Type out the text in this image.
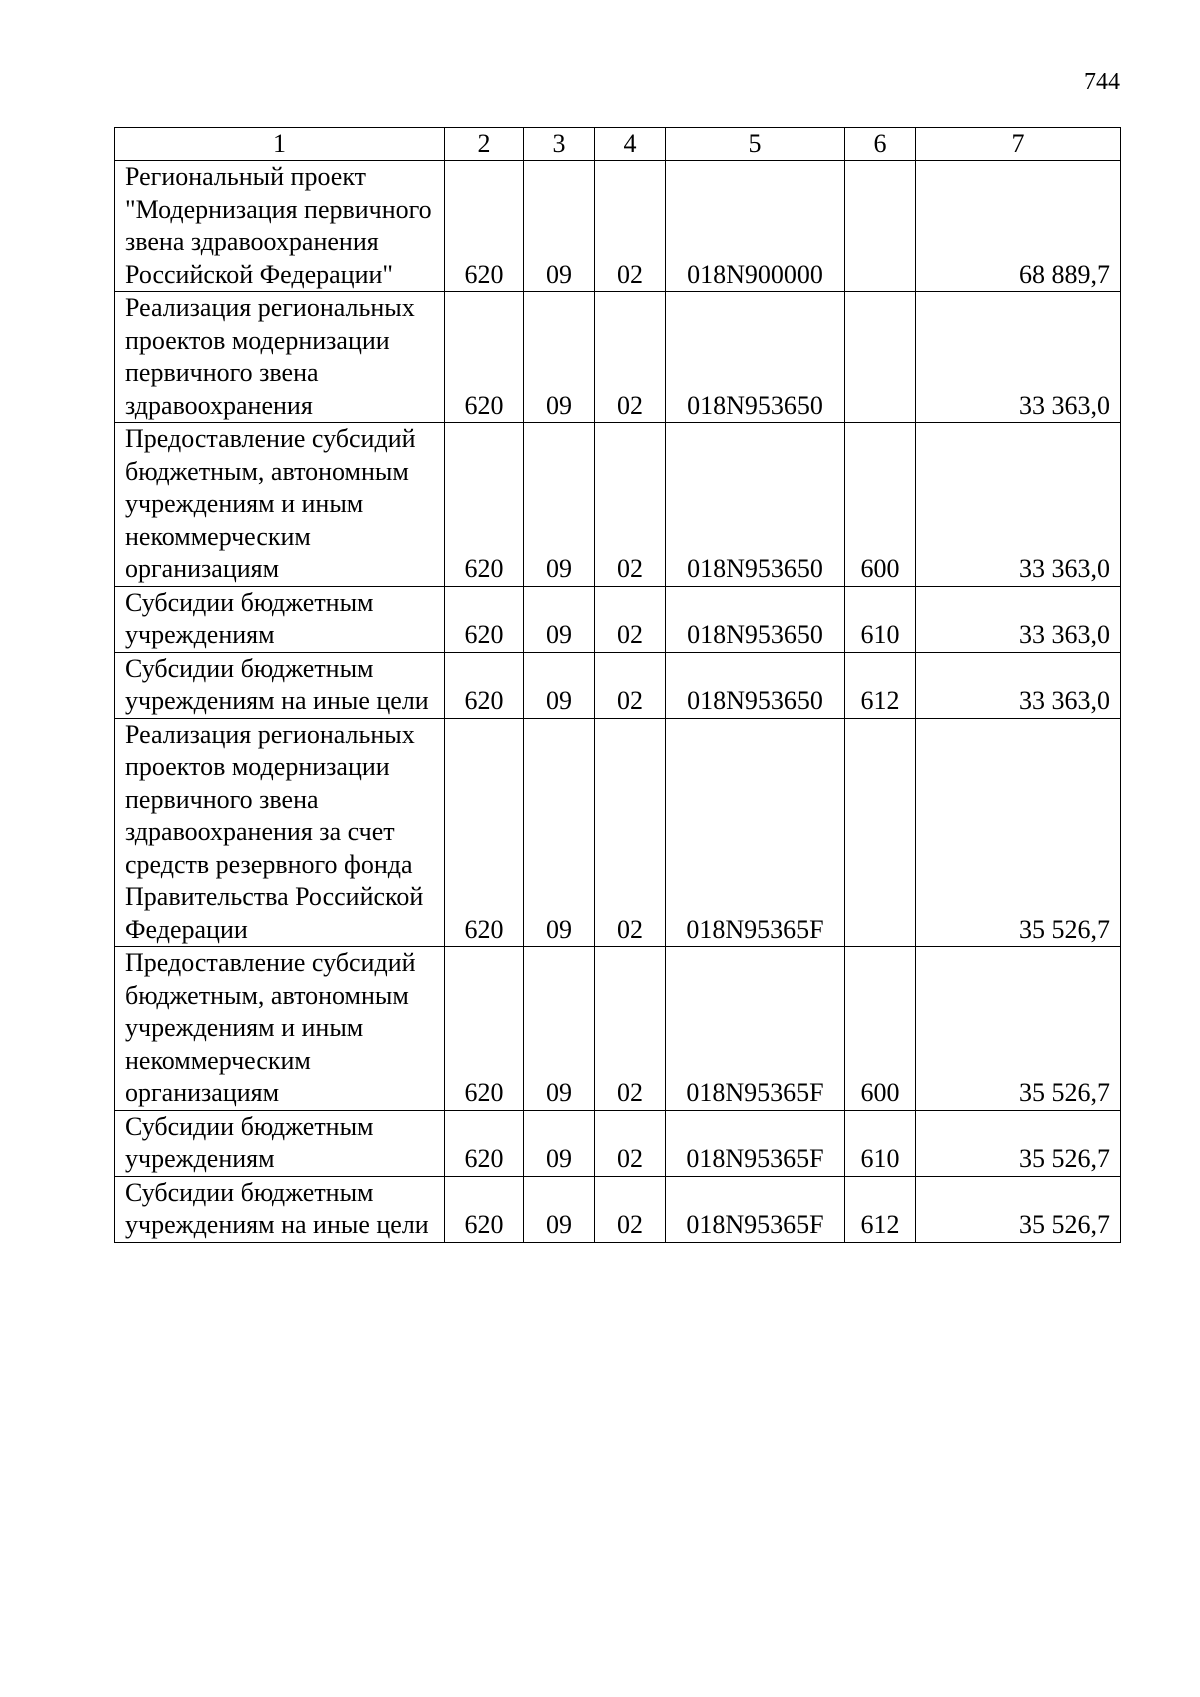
744
1	2	3	4	5	6	7
Региональный проект "Модернизация первичного звена здравоохранения Российской Федерации"	620	09	02	018N900000		68 889,7
Реализация региональных проектов модернизации первичного звена здравоохранения	620	09	02	018N953650		33 363,0
Предоставление субсидий бюджетным, автономным учреждениям и иным некоммерческим организациям	620	09	02	018N953650	600	33 363,0
Субсидии бюджетным учреждениям	620	09	02	018N953650	610	33 363,0
Субсидии бюджетным учреждениям на иные цели	620	09	02	018N953650	612	33 363,0
Реализация региональных проектов модернизации первичного звена здравоохранения за счет средств резервного фонда Правительства Российской Федерации	620	09	02	018N95365F		35 526,7
Предоставление субсидий бюджетным, автономным учреждениям и иным некоммерческим организациям	620	09	02	018N95365F	600	35 526,7
Субсидии бюджетным учреждениям	620	09	02	018N95365F	610	35 526,7
Субсидии бюджетным учреждениям на иные цели	620	09	02	018N95365F	612	35 526,7
